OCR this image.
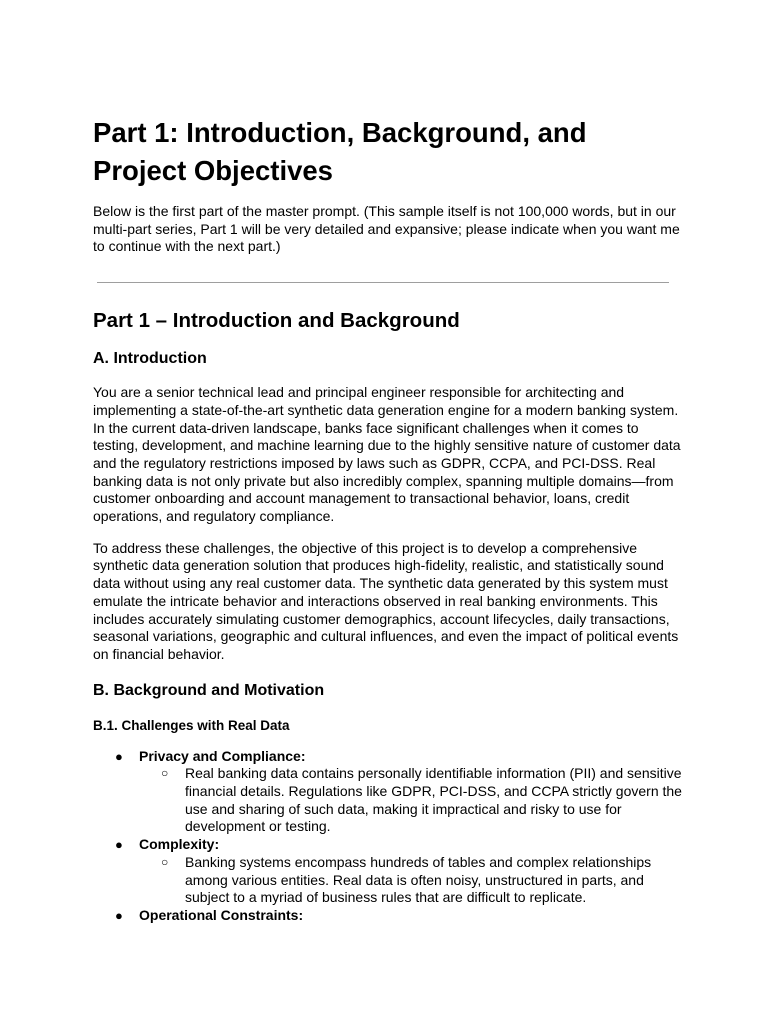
Part 1: Introduction, Background, and Project Objectives

Below is the first part of the master prompt. (This sample itself is not 100,000 words, but in our multi-part series, Part 1 will be very detailed and expansive; please indicate when you want me to continue with the next part.)

Part 1 – Introduction and Background
A. Introduction

You are a senior technical lead and principal engineer responsible for architecting and implementing a state-of-the-art synthetic data generation engine for a modern banking system. In the current data-driven landscape, banks face significant challenges when it comes to testing, development, and machine learning due to the highly sensitive nature of customer data and the regulatory restrictions imposed by laws such as GDPR, CCPA, and PCI-DSS. Real banking data is not only private but also incredibly complex, spanning multiple domains—from customer onboarding and account management to transactional behavior, loans, credit operations, and regulatory compliance.

To address these challenges, the objective of this project is to develop a comprehensive synthetic data generation solution that produces high-fidelity, realistic, and statistically sound data without using any real customer data. The synthetic data generated by this system must emulate the intricate behavior and interactions observed in real banking environments. This includes accurately simulating customer demographics, account lifecycles, daily transactions, seasonal variations, geographic and cultural influences, and even the impact of political events on financial behavior.

B. Background and Motivation
B.1. Challenges with Real Data
● Privacy and Compliance:
○ Real banking data contains personally identifiable information (PII) and sensitive financial details. Regulations like GDPR, PCI-DSS, and CCPA strictly govern the use and sharing of such data, making it impractical and risky to use for development or testing.
● Complexity:
○ Banking systems encompass hundreds of tables and complex relationships among various entities. Real data is often noisy, unstructured in parts, and subject to a myriad of business rules that are difficult to replicate.
● Operational Constraints:
